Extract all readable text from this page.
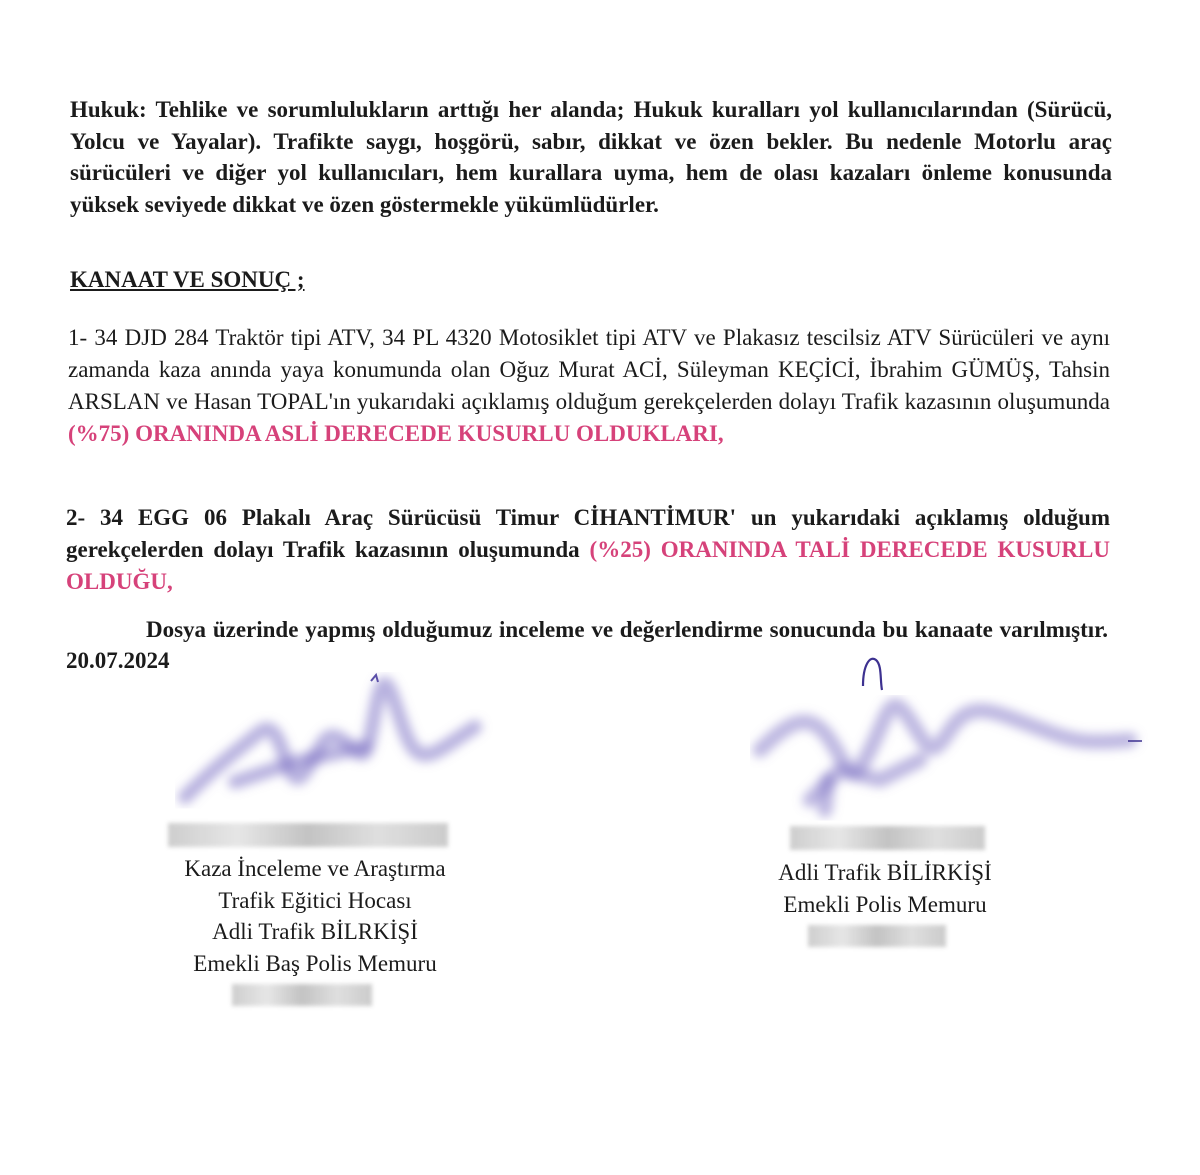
Hukuk: Tehlike ve sorumlulukların arttığı her alanda; Hukuk kuralları yol kullanıcılarından (Sürücü, Yolcu ve Yayalar). Trafikte saygı, hoşgörü, sabır, dikkat ve özen bekler. Bu nedenle Motorlu araç sürücüleri ve diğer yol kullanıcıları, hem kurallara uyma, hem de olası kazaları önleme konusunda yüksek seviyede dikkat ve özen göstermekle yükümlüdürler.

KANAAT VE SONUÇ ;

1- 34 DJD 284 Traktör tipi ATV, 34 PL 4320 Motosiklet tipi ATV ve Plakasız tescilsiz ATV Sürücüleri ve aynı zamanda kaza anında yaya konumunda olan Oğuz Murat ACİ, Süleyman KEÇİCİ, İbrahim GÜMÜŞ, Tahsin ARSLAN ve Hasan TOPAL'ın yukarıdaki açıklamış olduğum gerekçelerden dolayı Trafik kazasının oluşumunda (%75) ORANINDA ASLİ DERECEDE KUSURLU OLDUKLARI,

2- 34 EGG 06 Plakalı Araç Sürücüsü Timur CİHANTİMUR' un yukarıdaki açıklamış olduğum gerekçelerden dolayı Trafik kazasının oluşumunda (%25) ORANINDA TALİ DERECEDE KUSURLU OLDUĞU,

Dosya üzerinde yapmış olduğumuz inceleme ve değerlendirme sonucunda bu kanaate varılmıştır. 20.07.2024

Kaza İnceleme ve Araştırma
Trafik Eğitici Hocası
Adli Trafik BİLRKİŞİ
Emekli Baş Polis Memuru
Adli Trafik BİLİRKİŞİ
Emekli Polis Memuru
